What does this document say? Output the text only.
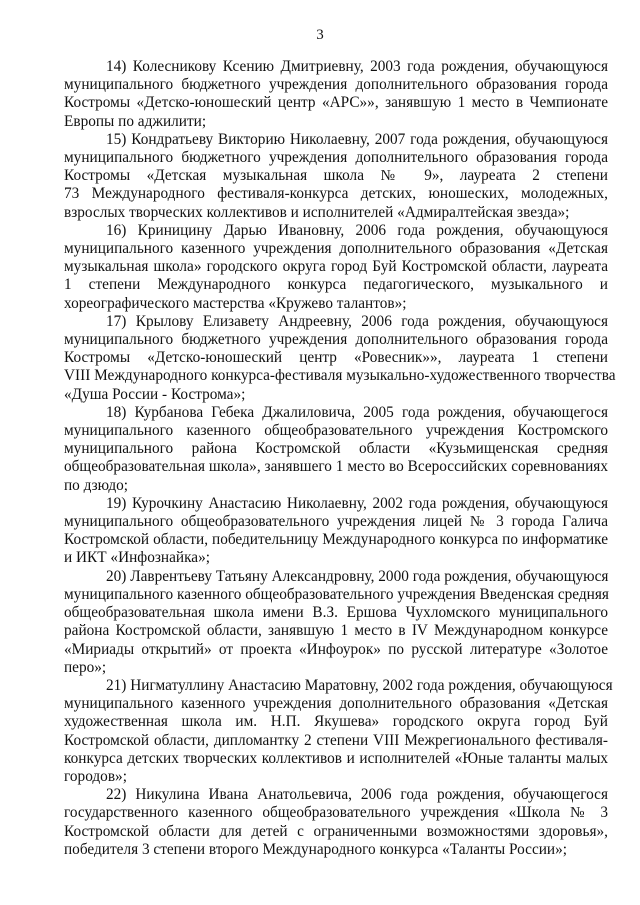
3
14) Колесникову Ксению Дмитриевну, 2003 года рождения, обучающуюся
муниципального бюджетного учреждения дополнительного образования города
Костромы «Детско-юношеский центр «АРС»», занявшую 1 место в Чемпионате
Европы по аджилити;
15) Кондратьеву Викторию Николаевну, 2007 года рождения, обучающуюся
муниципального бюджетного учреждения дополнительного образования города
Костромы «Детская музыкальная школа № 9», лауреата 2 степени
73 Международного фестиваля-конкурса детских, юношеских, молодежных,
взрослых творческих коллективов и исполнителей «Адмиралтейская звезда»;
16) Криницину Дарью Ивановну, 2006 года рождения, обучающуюся
муниципального казенного учреждения дополнительного образования «Детская
музыкальная школа» городского округа город Буй Костромской области, лауреата
1 степени Международного конкурса педагогического, музыкального и
хореографического мастерства «Кружево талантов»;
17) Крылову Елизавету Андреевну, 2006 года рождения, обучающуюся
муниципального бюджетного учреждения дополнительного образования города
Костромы «Детско-юношеский центр «Ровесник»», лауреата 1 степени
VIII Международного конкурса-фестиваля музыкально-художественного творчества
«Душа России - Кострома»;
18) Курбанова Гебека Джалиловича, 2005 года рождения, обучающегося
муниципального казенного общеобразовательного учреждения Костромского
муниципального района Костромской области «Кузьмищенская средняя
общеобразовательная школа», занявшего 1 место во Всероссийских соревнованиях
по дзюдо;
19) Курочкину Анастасию Николаевну, 2002 года рождения, обучающуюся
муниципального общеобразовательного учреждения лицей № 3 города Галича
Костромской области, победительницу Международного конкурса по информатике
и ИКТ «Инфознайка»;
20) Лаврентьеву Татьяну Александровну, 2000 года рождения, обучающуюся
муниципального казенного общеобразовательного учреждения Введенская средняя
общеобразовательная школа имени В.З. Ершова Чухломского муниципального
района Костромской области, занявшую 1 место в IV Международном конкурсе
«Мириады открытий» от проекта «Инфоурок» по русской литературе «Золотое
перо»;
21) Нигматуллину Анастасию Маратовну, 2002 года рождения, обучающуюся
муниципального казенного учреждения дополнительного образования «Детская
художественная школа им. Н.П. Якушева» городского округа город Буй
Костромской области, дипломантку 2 степени VIII Межрегионального фестиваля-
конкурса детских творческих коллективов и исполнителей «Юные таланты малых
городов»;
22) Никулина Ивана Анатольевича, 2006 года рождения, обучающегося
государственного казенного общеобразовательного учреждения «Школа № 3
Костромской области для детей с ограниченными возможностями здоровья»,
победителя 3 степени второго Международного конкурса «Таланты России»;
